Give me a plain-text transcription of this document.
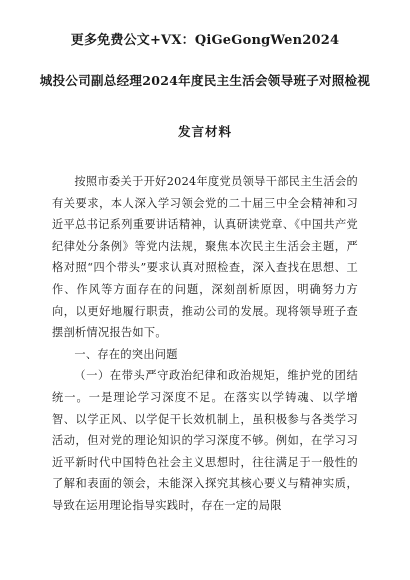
更多免费公文+VX：QiGeGongWen2024
城投公司副总经理2024年度民主生活会领导班子对照检视
发言材料

按照市委关于开好2024年度党员领导干部民主生活会的有关要求，本人深入学习领会党的二十届三中全会精神和习近平总书记系列重要讲话精神，认真研读党章、《中国共产党纪律处分条例》等党内法规，聚焦本次民主生活会主题，严格对照“四个带头”要求认真对照检查，深入查找在思想、工作、作风等方面存在的问题，深刻剖析原因，明确努力方向，以更好地履行职责，推动公司的发展。现将领导班子查摆剖析情况报告如下。

一、存在的突出问题

（一）在带头严守政治纪律和政治规矩，维护党的团结统一。一是理论学习深度不足。在落实以学铸魂、以学增智、以学正风、以学促干长效机制上，虽积极参与各类学习活动，但对党的理论知识的学习深度不够。例如，在学习习近平新时代中国特色社会主义思想时，往往满足于一般性的了解和表面的领会，未能深入探究其核心要义与精神实质，导致在运用理论指导实践时，存在一定的局限
